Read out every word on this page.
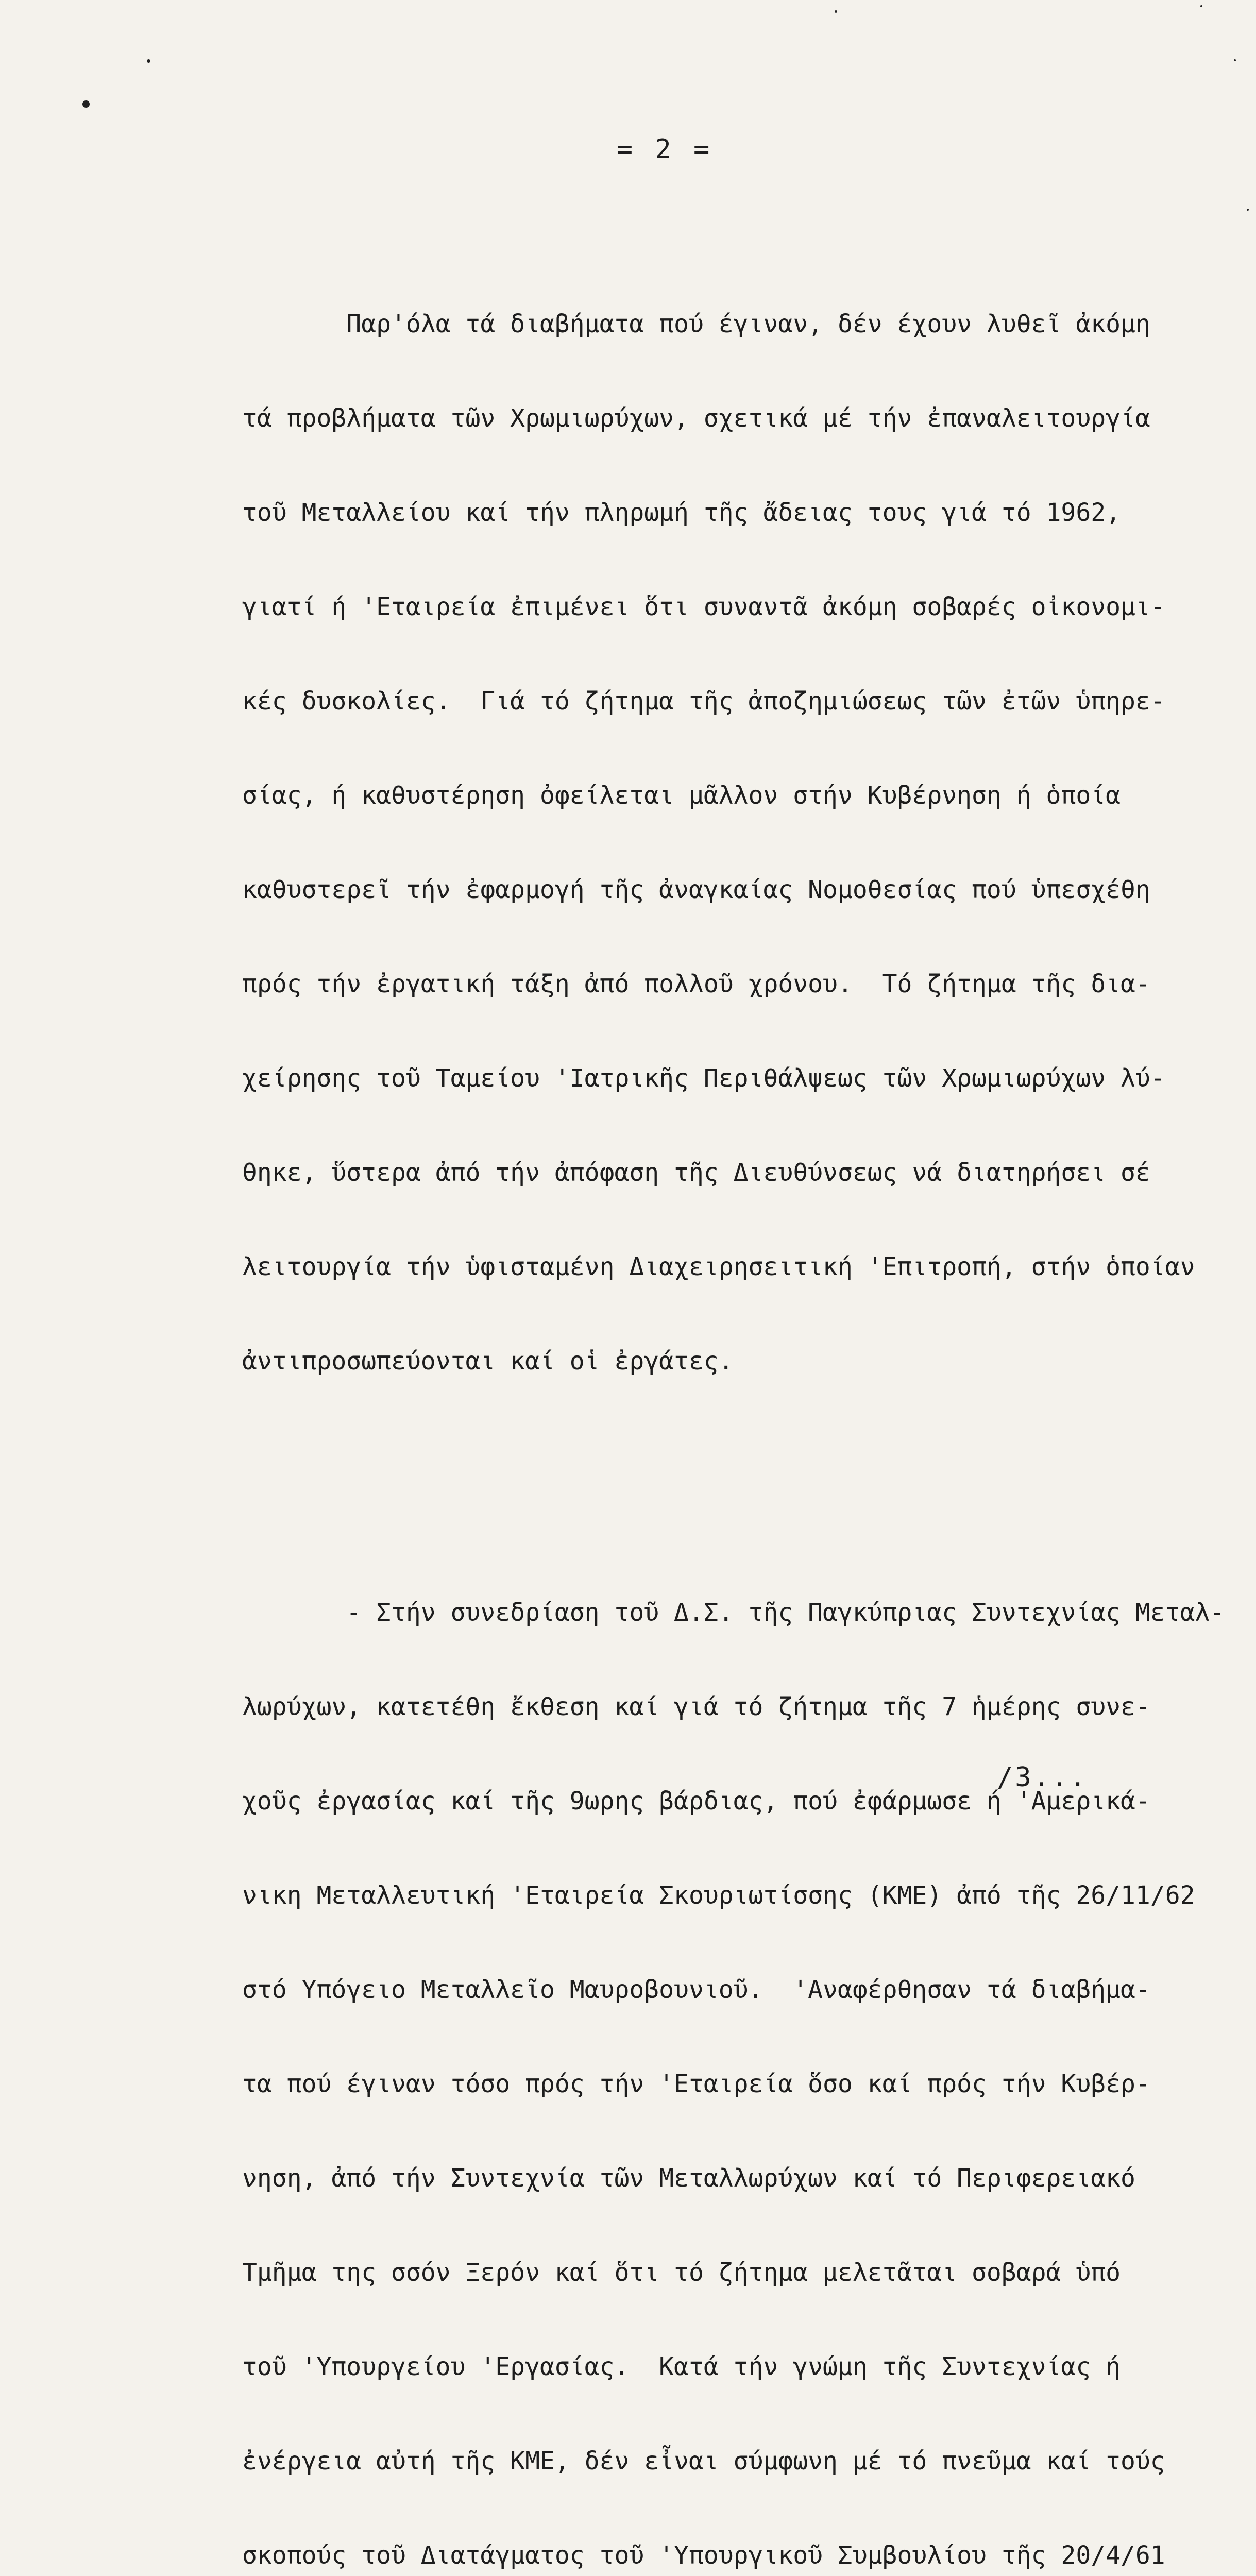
= 2 =

Παρ'όλα τά διαβήματα πού έγιναν, δέν έχουν λυθεῖ ἀκόμη

τά προβλήματα τῶν Χρωμιωρύχων, σχετικά μέ τήν ἐπαναλειτουργία

τοῦ Μεταλλείου καί τήν πληρωμή τῆς ἄδειας τους γιά τό 1962,

γιατί ή 'Εταιρεία ἐπιμένει ὅτι συναντᾶ ἀκόμη σοβαρές οἰκονομι-

κές δυσκολίες.  Γιά τό ζήτημα τῆς ἀποζημιώσεως τῶν ἐτῶν ὑπηρε-

σίας, ή καθυστέρηση ὀφείλεται μᾶλλον στήν Κυβέρνηση ή ὁποία

καθυστερεῖ τήν ἐφαρμογή τῆς ἀναγκαίας Νομοθεσίας πού ὑπεσχέθη

πρός τήν ἐργατική τάξη ἀπό πολλοῦ χρόνου.  Τό ζήτημα τῆς δια-

χείρησης τοῦ Ταμείου 'Ιατρικῆς Περιθάλψεως τῶν Χρωμιωρύχων λύ-

θηκε, ὕστερα ἀπό τήν ἀπόφαση τῆς Διευθύνσεως νά διατηρήσει σέ

λειτουργία τήν ὑφισταμένη Διαχειρησειτική 'Επιτροπή, στήν ὁποίαν

ἀντιπροσωπεύονται καί οἱ ἐργάτες.

- Στήν συνεδρίαση τοῦ Δ.Σ. τῆς Παγκύπριας Συντεχνίας Μεταλ-

λωρύχων, κατετέθη ἔκθεση καί γιά τό ζήτημα τῆς 7 ἡμέρης συνε-

χοῦς ἐργασίας καί τῆς 9ωρης βάρδιας, πού ἐφάρμωσε ή 'Αμερικά-

νικη Μεταλλευτική 'Εταιρεία Σκουριωτίσσης (ΚΜΕ) ἀπό τῆς 26/11/62

στό Υπόγειο Μεταλλεῖο Μαυροβουνιοῦ.  'Αναφέρθησαν τά διαβήμα-

τα πού έγιναν τόσο πρός τήν 'Εταιρεία ὅσο καί πρός τήν Κυβέρ-

νηση, ἀπό τήν Συντεχνία τῶν Μεταλλωρύχων καί τό Περιφερειακό

Τμῆμα της σσόν Ξερόν καί ὅτι τό ζήτημα μελετᾶται σοβαρά ὑπό

τοῦ 'Υπουργείου 'Εργασίας.  Κατά τήν γνώμη τῆς Συντεχνίας ή

ἐνέργεια αὐτή τῆς ΚΜΕ, δέν εἶναι σύμφωνη μέ τό πνεῦμα καί τούς

σκοπούς τοῦ Διατάγματος τοῦ 'Υπουργικοῦ Συμβουλίου τῆς 20/4/61

/3...
